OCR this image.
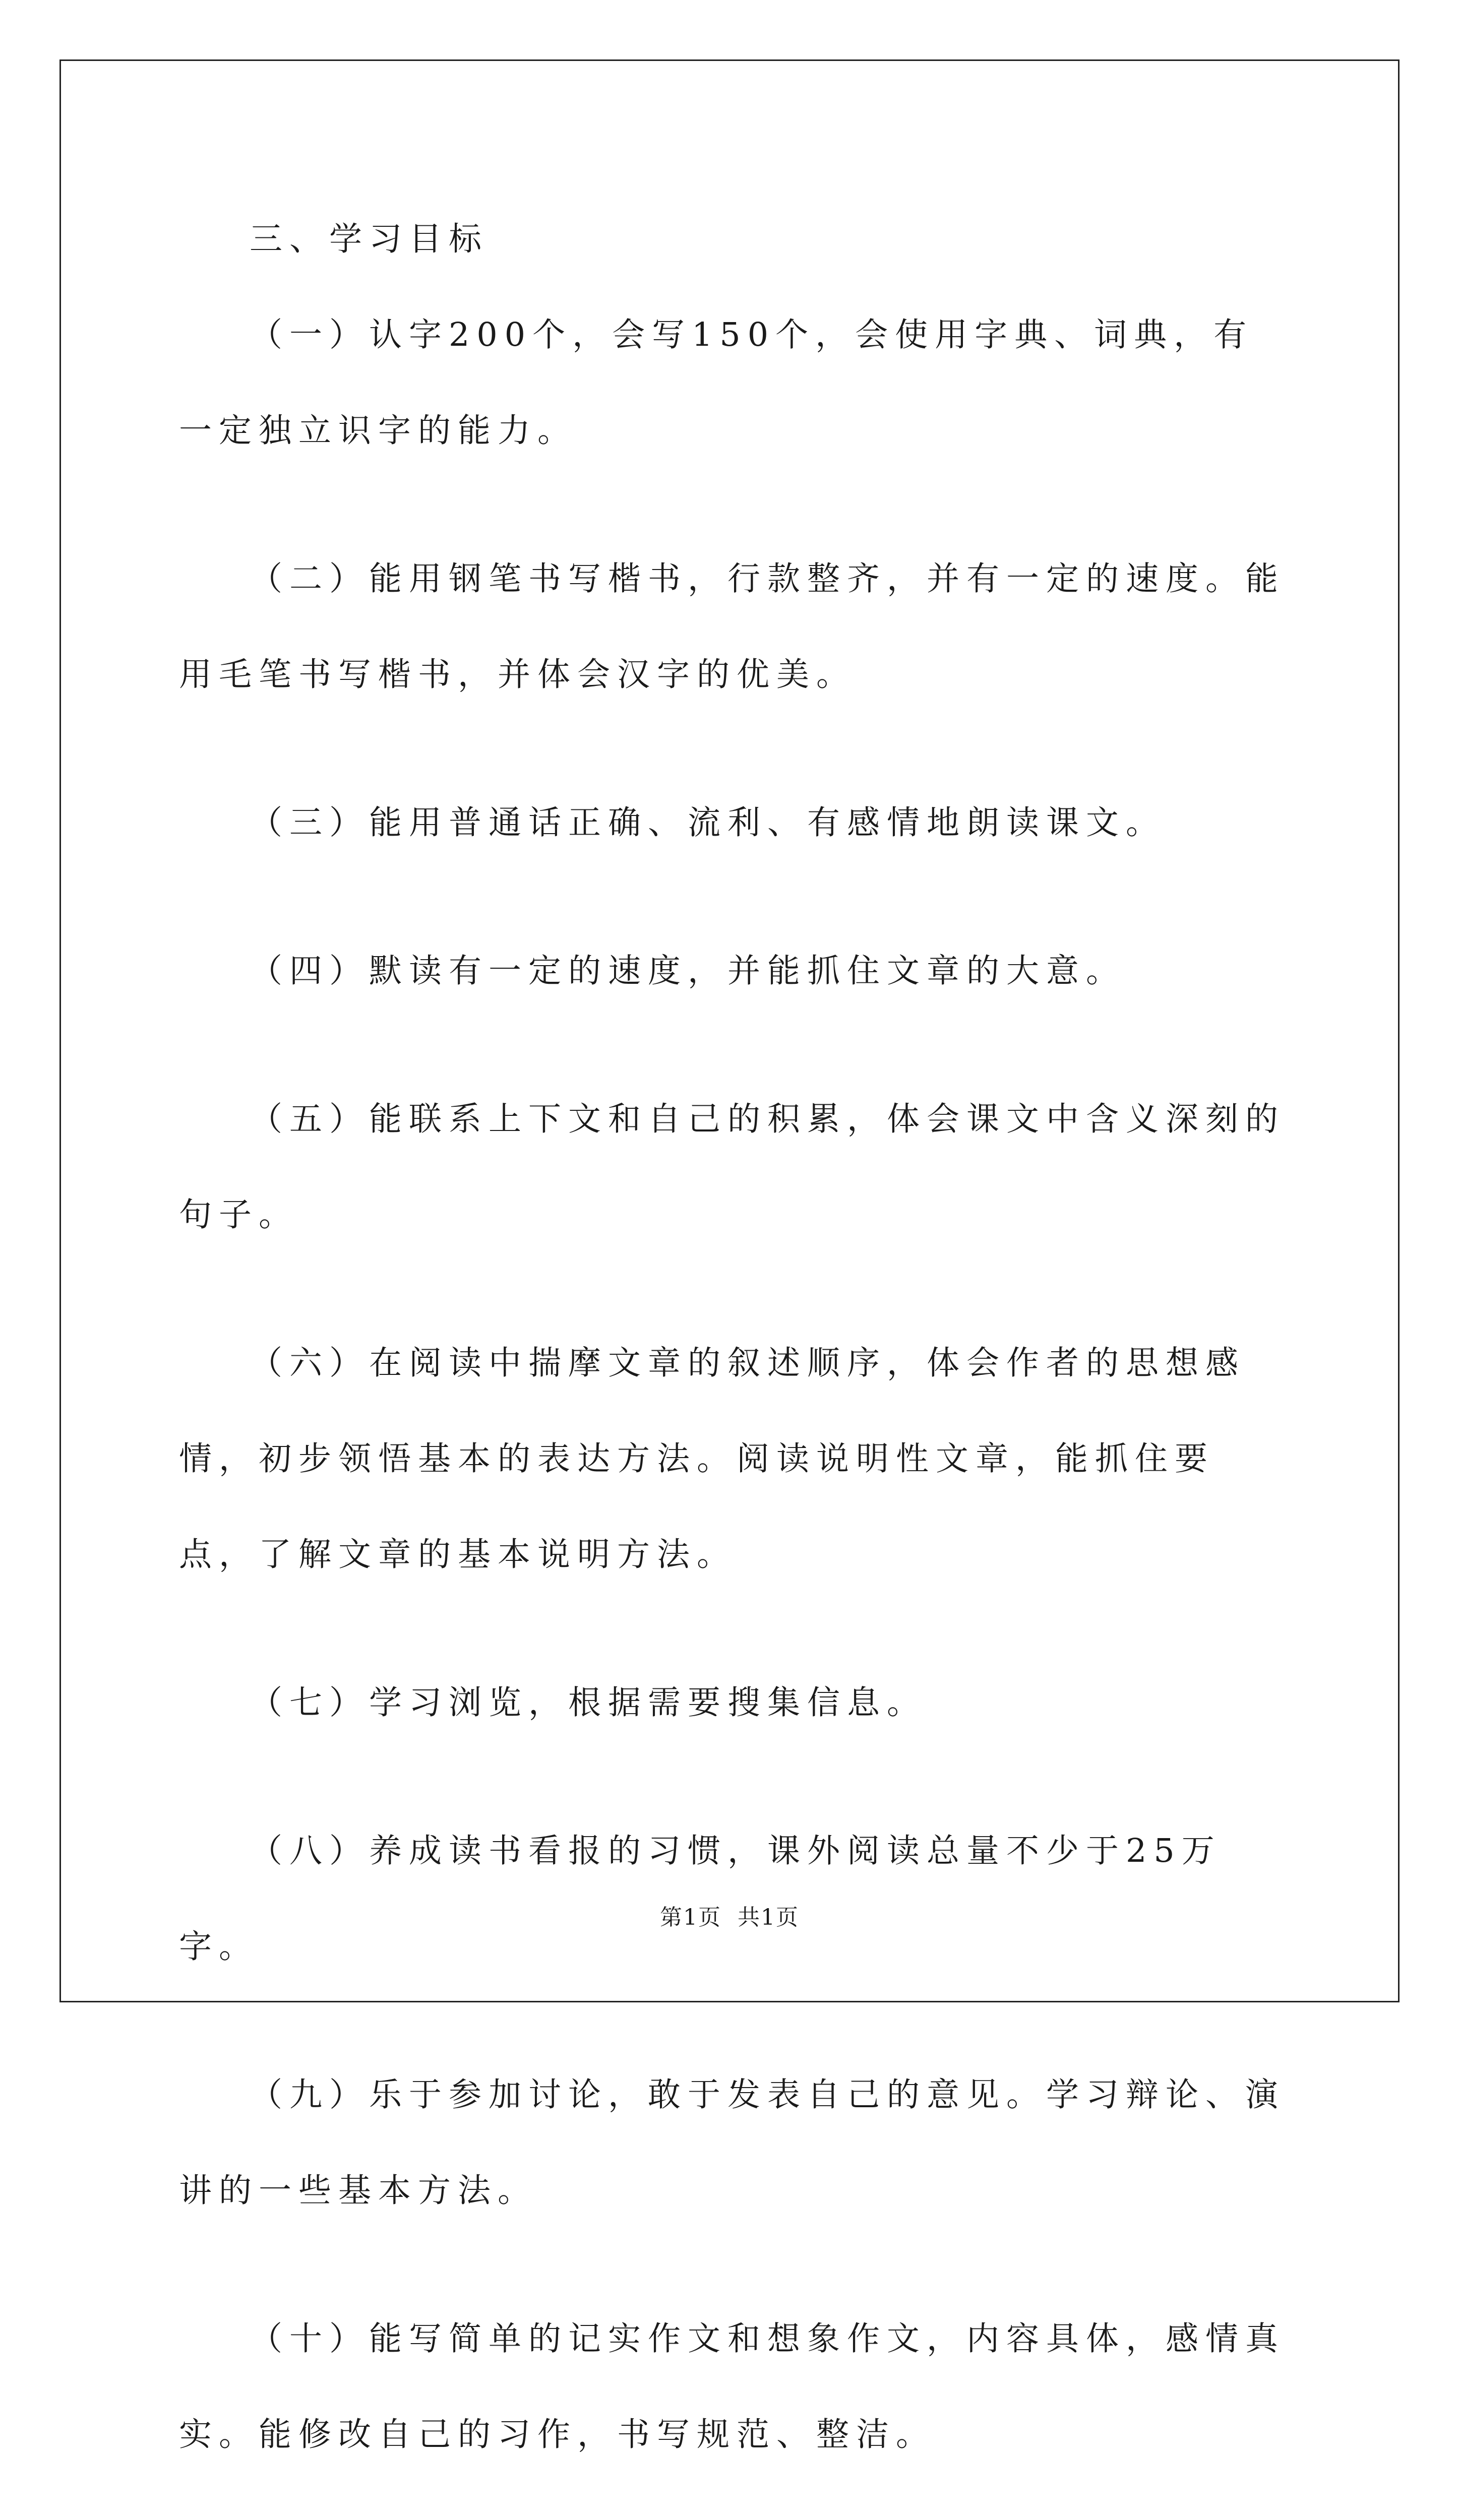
三、学习目标

（一）认字200个，会写150个，会使用字典、词典，有一定独立识字的能力。

（二）能用钢笔书写楷书，行款整齐，并有一定的速度。能用毛笔书写楷书，并体会汉字的优美。

（三）能用普通话正确、流利、有感情地朗读课文。

（四）默读有一定的速度，并能抓住文章的大意。

（五）能联系上下文和自己的积累，体会课文中含义深刻的句子。

（六）在阅读中揣摩文章的叙述顺序，体会作者的思想感情，初步领悟基本的表达方法。阅读说明性文章，能抓住要点，了解文章的基本说明方法。

（七）学习浏览，根据需要搜集信息。

（八）养成读书看报的习惯，课外阅读总量不少于25万字。

（九）乐于参加讨论，敢于发表自己的意见。学习辩论、演讲的一些基本方法。

（十）能写简单的记实作文和想象作文，内容具体，感情真实。能修改自己的习作，书写规范、整洁。

第1页 共1页
